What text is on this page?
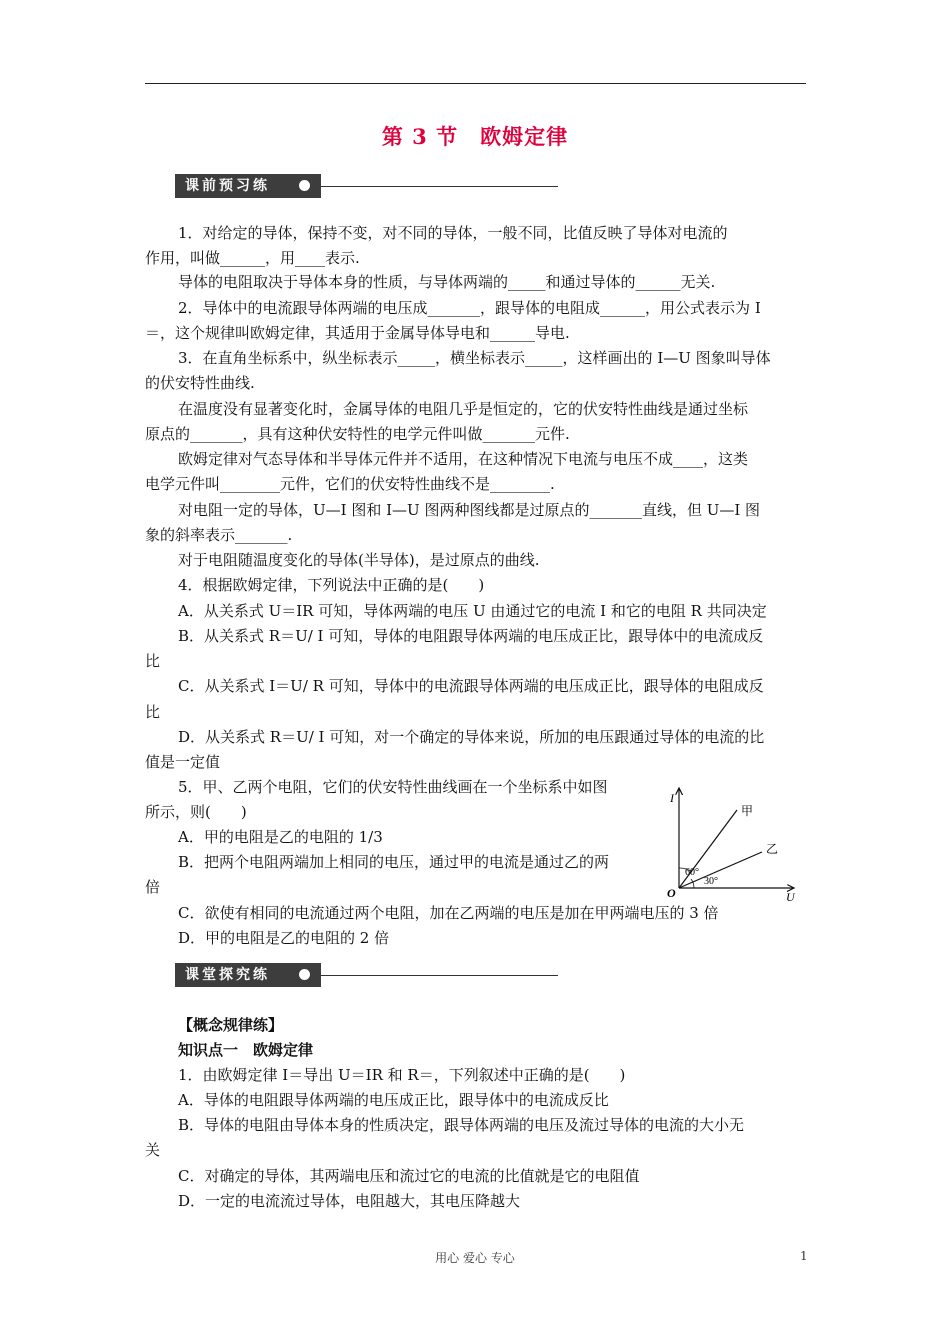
第 3 节　欧姆定律
课前预习练
1．对给定的导体，保持不变，对不同的导体，一般不同，比值反映了导体对电流的
作用，叫做______，用____表示.
导体的电阻取决于导体本身的性质，与导体两端的_____和通过导体的______无关.
2．导体中的电流跟导体两端的电压成_______，跟导体的电阻成______，用公式表示为 I
＝，这个规律叫欧姆定律，其适用于金属导体导电和______导电.
3．在直角坐标系中，纵坐标表示_____，横坐标表示_____，这样画出的 I—U 图象叫导体
的伏安特性曲线.
在温度没有显著变化时，金属导体的电阻几乎是恒定的，它的伏安特性曲线是通过坐标
原点的_______，具有这种伏安特性的电学元件叫做_______元件.
欧姆定律对气态导体和半导体元件并不适用，在这种情况下电流与电压不成____，这类
电学元件叫________元件，它们的伏安特性曲线不是________.
对电阻一定的导体，U—I 图和 I—U 图两种图线都是过原点的_______直线，但 U—I 图
象的斜率表示_______.
对于电阻随温度变化的导体(半导体)，是过原点的曲线.
4．根据欧姆定律，下列说法中正确的是(　　)
A．从关系式 U＝IR 可知，导体两端的电压 U 由通过它的电流 I 和它的电阻 R 共同决定
B．从关系式 R＝U/ I 可知，导体的电阻跟导体两端的电压成正比，跟导体中的电流成反
比
C．从关系式 I＝U/ R 可知，导体中的电流跟导体两端的电压成正比，跟导体的电阻成反
比
D．从关系式 R＝U/ I 可知，对一个确定的导体来说，所加的电压跟通过导体的电流的比
值是一定值
5．甲、乙两个电阻，它们的伏安特性曲线画在一个坐标系中如图
所示，则(　　)
A．甲的电阻是乙的电阻的 1/3
B．把两个电阻两端加上相同的电压，通过甲的电流是通过乙的两
倍
C．欲使有相同的电流通过两个电阻，加在乙两端的电压是加在甲两端电压的 3 倍
D．甲的电阻是乙的电阻的 2 倍
I
U
O
甲
乙
60°
30°
课堂探究练
【概念规律练】
知识点一　欧姆定律
1．由欧姆定律 I＝导出 U＝IR 和 R＝，下列叙述中正确的是(　　)
A．导体的电阻跟导体两端的电压成正比，跟导体中的电流成反比
B．导体的电阻由导体本身的性质决定，跟导体两端的电压及流过导体的电流的大小无
关
C．对确定的导体，其两端电压和流过它的电流的比值就是它的电阻值
D．一定的电流流过导体，电阻越大，其电压降越大
用心 爱心 专心	1
